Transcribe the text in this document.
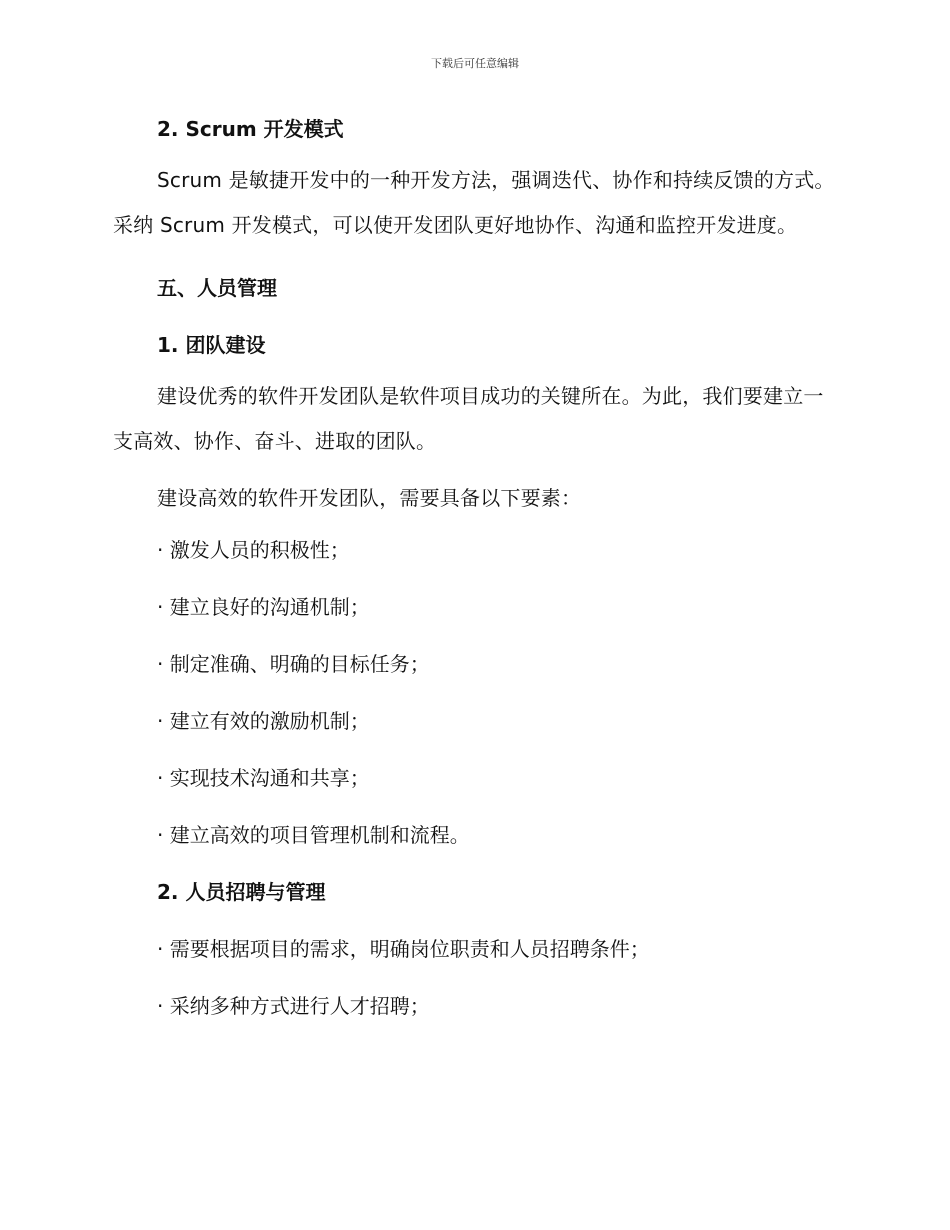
下载后可任意编辑
2. Scrum 开发模式

Scrum 是敏捷开发中的一种开发方法，强调迭代、协作和持续反馈的方式。采纳 Scrum 开发模式，可以使开发团队更好地协作、沟通和监控开发进度。

五、人员管理
1. 团队建设

建设优秀的软件开发团队是软件项目成功的关键所在。为此，我们要建立一支高效、协作、奋斗、进取的团队。

建设高效的软件开发团队，需要具备以下要素：

· 激发人员的积极性；
· 建立良好的沟通机制；
· 制定准确、明确的目标任务；
· 建立有效的激励机制；
· 实现技术沟通和共享；
· 建立高效的项目管理机制和流程。
2. 人员招聘与管理
· 需要根据项目的需求，明确岗位职责和人员招聘条件；
· 采纳多种方式进行人才招聘；
